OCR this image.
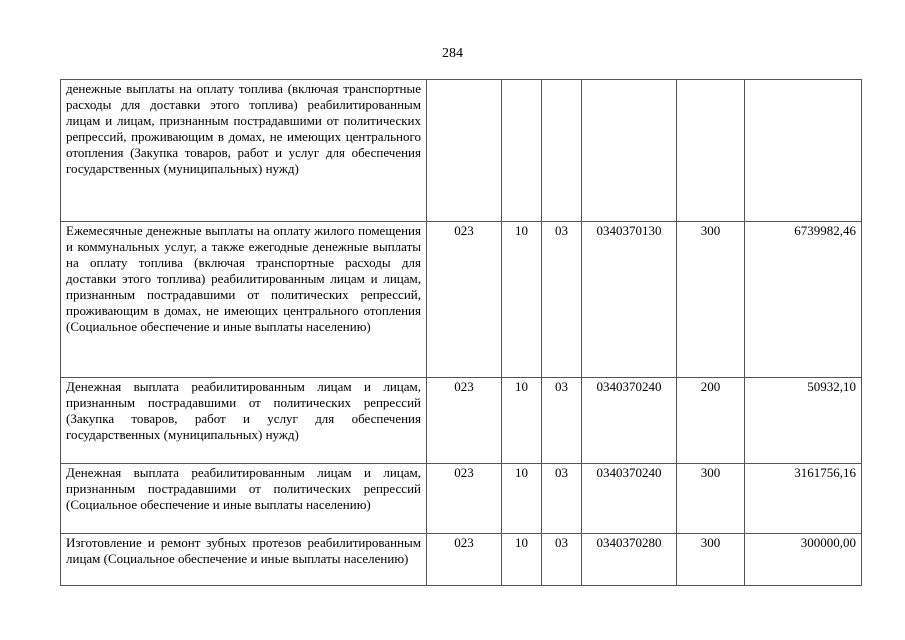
284
денежные выплаты на оплату топлива (включая транспортные расходы для доставки этого топлива) реабилитированным лицам и лицам, признанным пострадавшими от политических репрессий, проживающим в домах, не имеющих центрального отопления (Закупка товаров, работ и услуг для обеспечения государственных (муниципальных) нужд)						
Ежемесячные денежные выплаты на оплату жилого помещения и коммунальных услуг, а также ежегодные денежные выплаты на оплату топлива (включая транспортные расходы для доставки этого топлива) реабилитированным лицам и лицам, признанным пострадавшими от политических репрессий, проживающим в домах, не имеющих центрального отопления (Социальное обеспечение и иные выплаты населению)	023	10	03	0340370130	300	6739982,46
Денежная выплата реабилитированным лицам и лицам, признанным пострадавшими от политических репрессий (Закупка товаров, работ и услуг для обеспечения государственных (муниципальных) нужд)	023	10	03	0340370240	200	50932,10
Денежная выплата реабилитированным лицам и лицам, признанным пострадавшими от политических репрессий (Социальное обеспечение и иные выплаты населению)	023	10	03	0340370240	300	3161756,16
Изготовление и ремонт зубных протезов реабилитированным лицам (Социальное обеспечение и иные выплаты населению)	023	10	03	0340370280	300	300000,00
